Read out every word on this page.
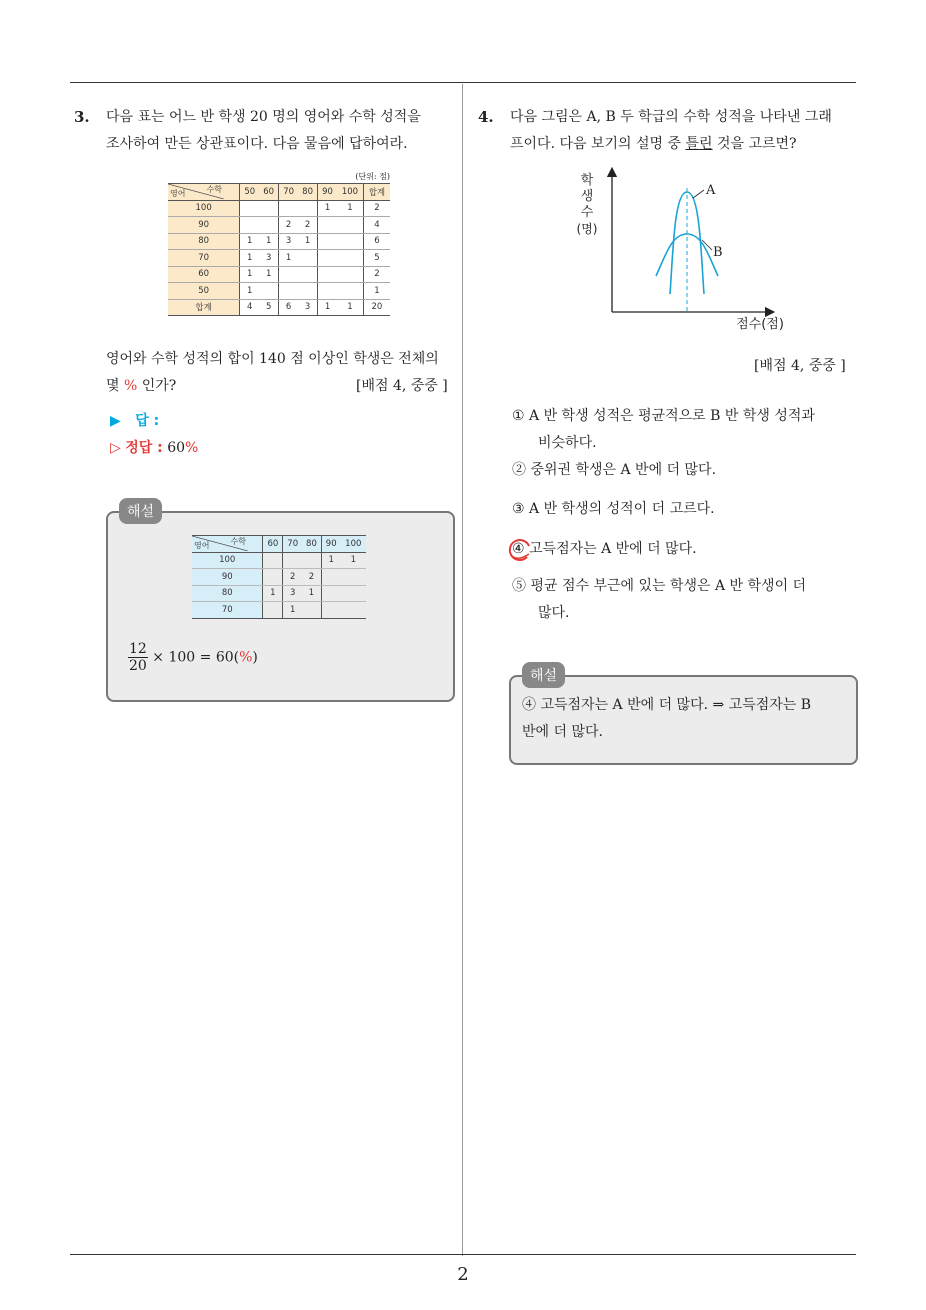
3. 다음 표는 어느 반 학생 20 명의 영어와 수학 성적을
조사하여 만든 상관표이다. 다음 물음에 답하여라.
(단위: 점)
수학
영어	50	60	70	80	90	100	합계
100					1	1	2
90			2	2			4
80	1	1	3	1			6
70	1	3	1				5
60	1	1					2
50	1						1
합계	4	5	6	3	1	1	20
영어와 수학 성적의 합이 140 점 이상인 학생은 전체의
몇 % 인가?	[배점 4, 중중 ]
▶ 답 :
▷ 정답 : 60%
해설
수학
영어	60	70	80	90	100
100				1	1
90		2	2		
80	1	3	1		
70		1			
$\frac{12}{20} \times 100 = 60(\%)$
4. 다음 그림은 A, B 두 학급의 수학 성적을 나타낸 그래
프이다. 다음 보기의 설명 중 틀린 것을 고르면?
A
B
학
생
수
(명)
점수(점)
[배점 4, 중중 ]
① A 반 학생 성적은 평균적으로 B 반 학생 성적과
비슷하다.
② 중위권 학생은 A 반에 더 많다.
③ A 반 학생의 성적이 더 고르다.
④ 고득점자는 A 반에 더 많다.
⑤ 평균 점수 부근에 있는 학생은 A 반 학생이 더
많다.
해설
④ 고득점자는 A 반에 더 많다. ⇒ 고득점자는 B
반에 더 많다.
2
